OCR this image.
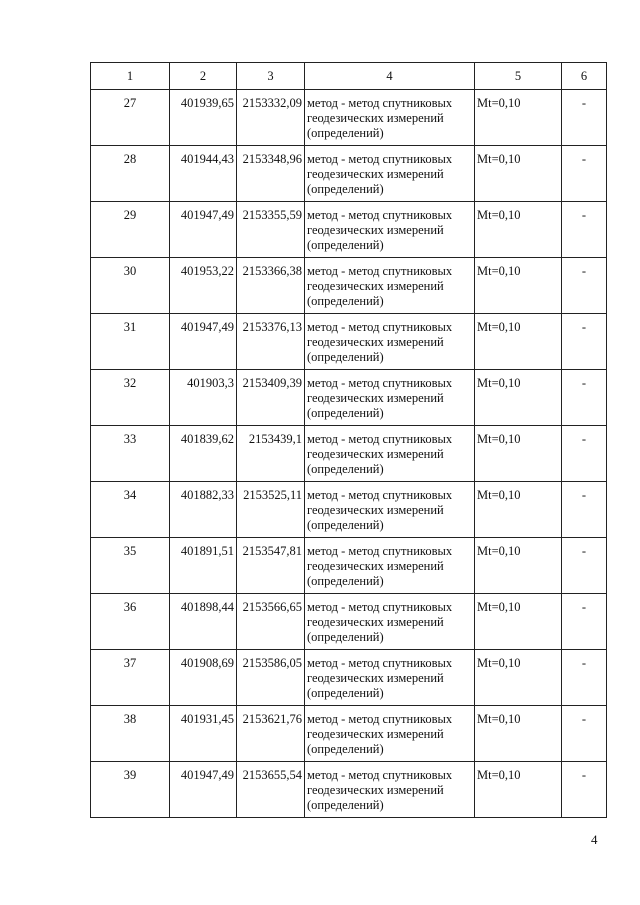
1	2	3	4	5	6
27	401939,65	2153332,09	метод - метод спутниковых геодезических измерений (определений)	Mt=0,10	-
28	401944,43	2153348,96	метод - метод спутниковых геодезических измерений (определений)	Mt=0,10	-
29	401947,49	2153355,59	метод - метод спутниковых геодезических измерений (определений)	Mt=0,10	-
30	401953,22	2153366,38	метод - метод спутниковых геодезических измерений (определений)	Mt=0,10	-
31	401947,49	2153376,13	метод - метод спутниковых геодезических измерений (определений)	Mt=0,10	-
32	401903,3	2153409,39	метод - метод спутниковых геодезических измерений (определений)	Mt=0,10	-
33	401839,62	2153439,1	метод - метод спутниковых геодезических измерений (определений)	Mt=0,10	-
34	401882,33	2153525,11	метод - метод спутниковых геодезических измерений (определений)	Mt=0,10	-
35	401891,51	2153547,81	метод - метод спутниковых геодезических измерений (определений)	Mt=0,10	-
36	401898,44	2153566,65	метод - метод спутниковых геодезических измерений (определений)	Mt=0,10	-
37	401908,69	2153586,05	метод - метод спутниковых геодезических измерений (определений)	Mt=0,10	-
38	401931,45	2153621,76	метод - метод спутниковых геодезических измерений (определений)	Mt=0,10	-
39	401947,49	2153655,54	метод - метод спутниковых геодезических измерений (определений)	Mt=0,10	-
4
